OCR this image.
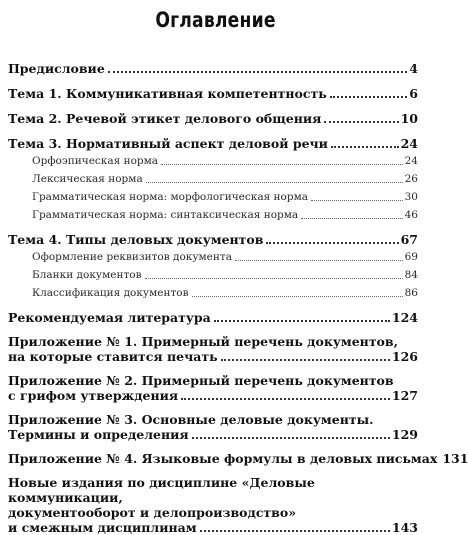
Оглавление
Предисловие	4
Тема 1. Коммуникативная компетентность	6
Тема 2. Речевой этикет делового общения	10
Тема 3. Нормативный аспект деловой речи	24
Орфоэпическая норма	24
Лексическая норма	26
Грамматическая норма: морфологическая норма	30
Грамматическая норма: синтаксическая норма	46
Тема 4. Типы деловых документов	67
Оформление реквизитов документа	69
Бланки документов	84
Классификация документов	86
Рекомендуемая литература	124
Приложение № 1. Примерный перечень документов,
на которые ставится печать	126
Приложение № 2. Примерный перечень документов
с грифом утверждения	127
Приложение № 3. Основные деловые документы.
Термины и определения	129
Приложение № 4. Языковые формулы в деловых письмах 131
Новые издания по дисциплине «Деловые коммуникации,
документооборот и делопроизводство»
и смежным дисциплинам	143
